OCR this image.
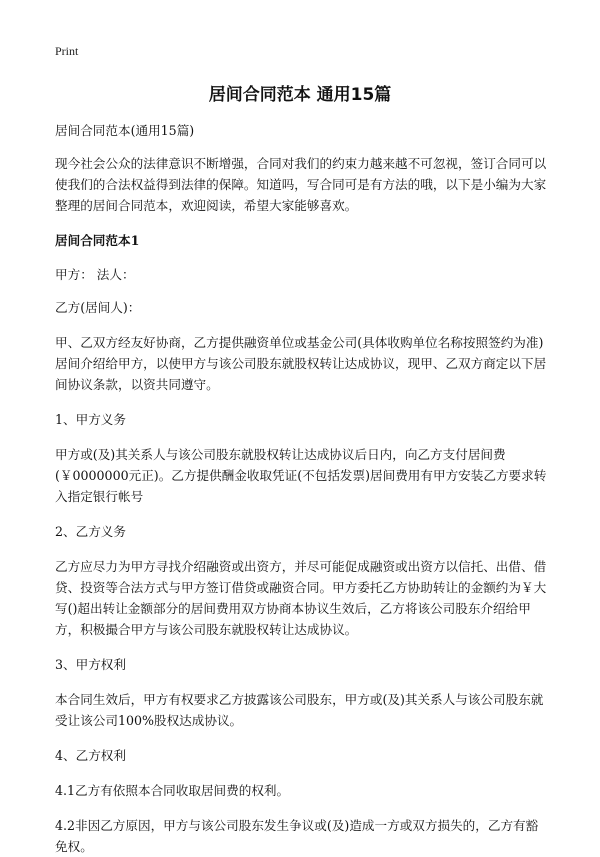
Print
居间合同范本 通用15篇

居间合同范本(通用15篇)

现今社会公众的法律意识不断增强，合同对我们的约束力越来越不可忽视，签订合同可以使我们的合法权益得到法律的保障。知道吗，写合同可是有方法的哦，以下是小编为大家整理的居间合同范本，欢迎阅读，希望大家能够喜欢。

居间合同范本1

甲方： 法人：

乙方(居间人)：

甲、乙双方经友好协商，乙方提供融资单位或基金公司(具体收购单位名称按照签约为准)居间介绍给甲方，以使甲方与该公司股东就股权转让达成协议，现甲、乙双方商定以下居间协议条款，以资共同遵守。

1、甲方义务

甲方或(及)其关系人与该公司股东就股权转让达成协议后日内，向乙方支付居间费(￥0000000元正)。乙方提供酬金收取凭证(不包括发票)居间费用有甲方安装乙方要求转入指定银行帐号

2、乙方义务

乙方应尽力为甲方寻找介绍融资或出资方，并尽可能促成融资或出资方以信托、出借、借贷、投资等合法方式与甲方签订借贷或融资合同。甲方委托乙方协助转让的金额约为￥大写()超出转让金额部分的居间费用双方协商本协议生效后，乙方将该公司股东介绍给甲方，积极撮合甲方与该公司股东就股权转让达成协议。

3、甲方权利

本合同生效后，甲方有权要求乙方披露该公司股东，甲方或(及)其关系人与该公司股东就受让该公司100%股权达成协议。

4、乙方权利

4.1乙方有依照本合同收取居间费的权利。

4.2非因乙方原因，甲方与该公司股东发生争议或(及)造成一方或双方损失的，乙方有豁免权。
